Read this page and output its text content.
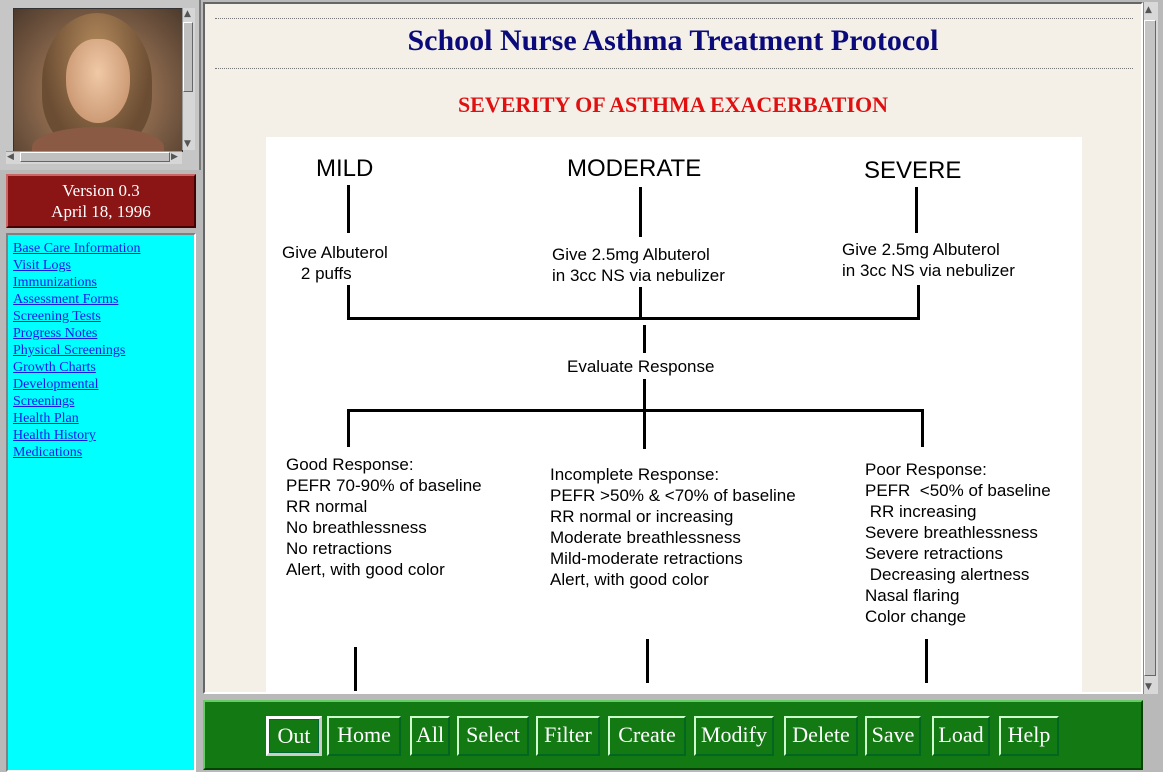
▲
▼
◀	▶
Version 0.3
April 18, 1996
Base Care Information
Visit Logs
Immunizations
Assessment Forms
Screening Tests
Progress Notes
Physical Screenings
Growth Charts
Developmental
Screenings
Health Plan
Health History
Medications
School Nurse Asthma Treatment Protocol
SEVERITY OF ASTHMA EXACERBATION
MILD	MODERATE	SEVERE
Give Albuterol
2 puffs
Give 2.5mg Albuterol
in 3cc NS via nebulizer
Give 2.5mg Albuterol
in 3cc NS via nebulizer
Evaluate Response
Good Response:
PEFR 70-90% of baseline
RR normal
No breathlessness
No retractions
Alert, with good color
Incomplete Response:
PEFR >50% & <70% of baseline
RR normal or increasing
Moderate breathlessness
Mild-moderate retractions
Alert, with good color
Poor Response:
PEFR  <50% of baseline
RR increasing
Severe breathlessness
Severe retractions
Decreasing alertness
Nasal flaring
Color change
▲
▼
Out	Home	All	Select	Filter	Create	Modify	Delete Save	Load	Help
